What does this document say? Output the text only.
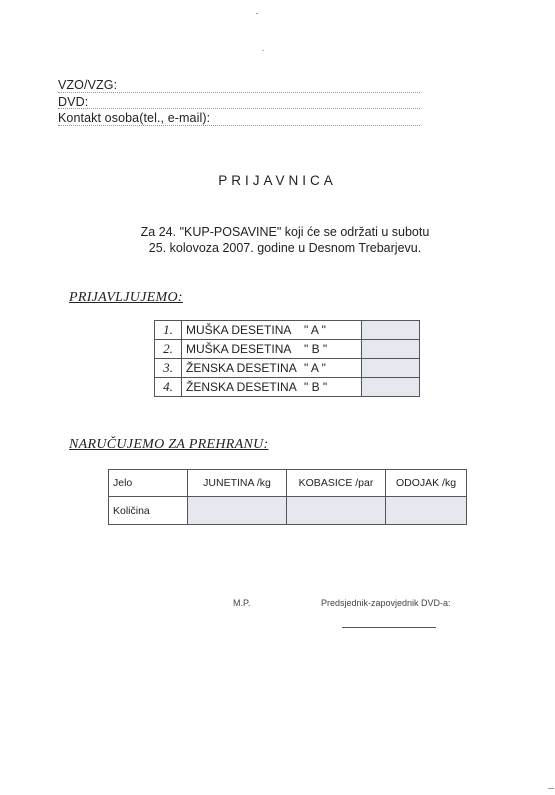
VZO/VZG:
DVD:
Kontakt osoba(tel., e-mail):
PRIJAVNICA
Za 24. "KUP-POSAVINE" koji će se održati u subotu
25. kolovoza 2007. godine u Desnom Trebarjevu.
PRIJAVLJUJEMO:
1.	MUŠKA DESETINA " A "	
2.	MUŠKA DESETINA " B "	
3.	ŽENSKA DESETINA " A "	
4.	ŽENSKA DESETINA " B "	
NARUČUJEMO ZA PREHRANU:
Jelo	JUNETINA /kg	KOBASICE /par	ODOJAK /kg
Količina			
M.P.	Predsjednik-zapovjednik DVD-a:
